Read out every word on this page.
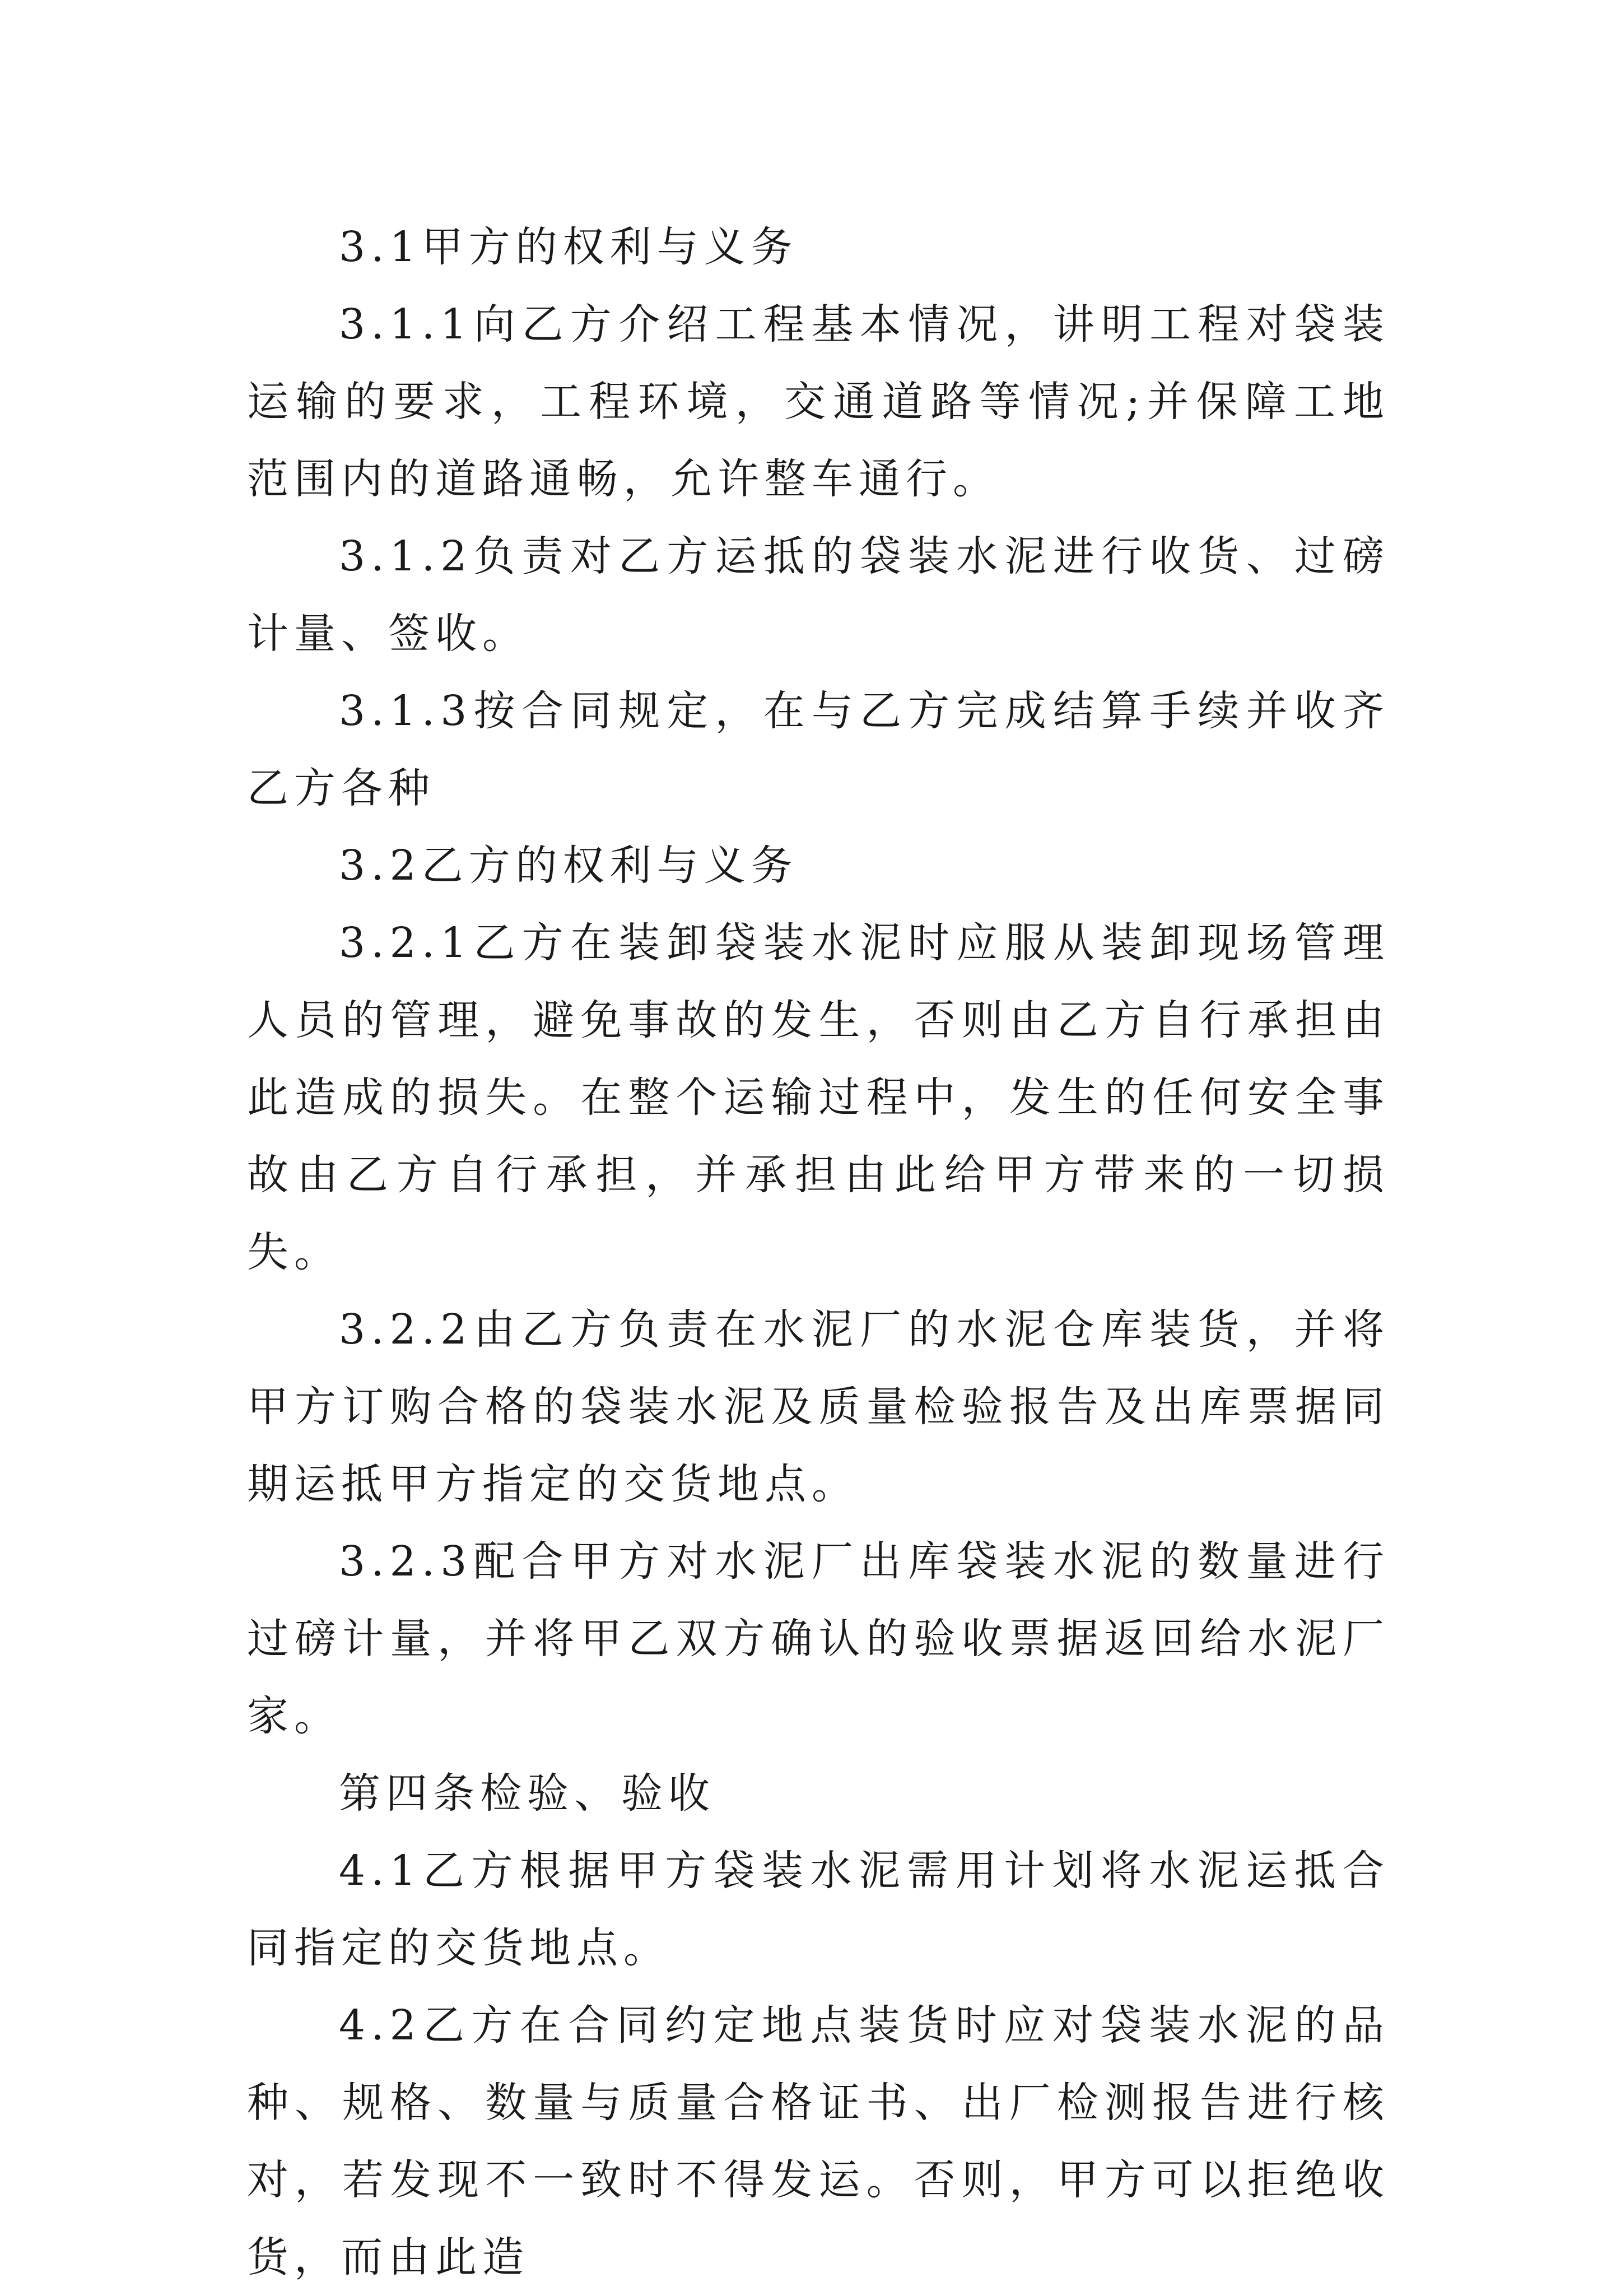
3.1甲方的权利与义务

3.1.1向乙方介绍工程基本情况，讲明工程对袋装运输的要求，工程环境，交通道路等情况;并保障工地范围内的道路通畅，允许整车通行。

3.1.2负责对乙方运抵的袋装水泥进行收货、过磅计量、签收。

3.1.3按合同规定，在与乙方完成结算手续并收齐乙方各种

3.2乙方的权利与义务

3.2.1乙方在装卸袋装水泥时应服从装卸现场管理人员的管理，避免事故的发生，否则由乙方自行承担由此造成的损失。在整个运输过程中，发生的任何安全事故由乙方自行承担，并承担由此给甲方带来的一切损失。

3.2.2由乙方负责在水泥厂的水泥仓库装货，并将甲方订购合格的袋装水泥及质量检验报告及出库票据同期运抵甲方指定的交货地点。

3.2.3配合甲方对水泥厂出库袋装水泥的数量进行过磅计量，并将甲乙双方确认的验收票据返回给水泥厂家。

第四条检验、验收

4.1乙方根据甲方袋装水泥需用计划将水泥运抵合同指定的交货地点。

4.2乙方在合同约定地点装货时应对袋装水泥的品种、规格、数量与质量合格证书、出厂检测报告进行核对，若发现不一致时不得发运。否则，甲方可以拒绝收货，而由此造
